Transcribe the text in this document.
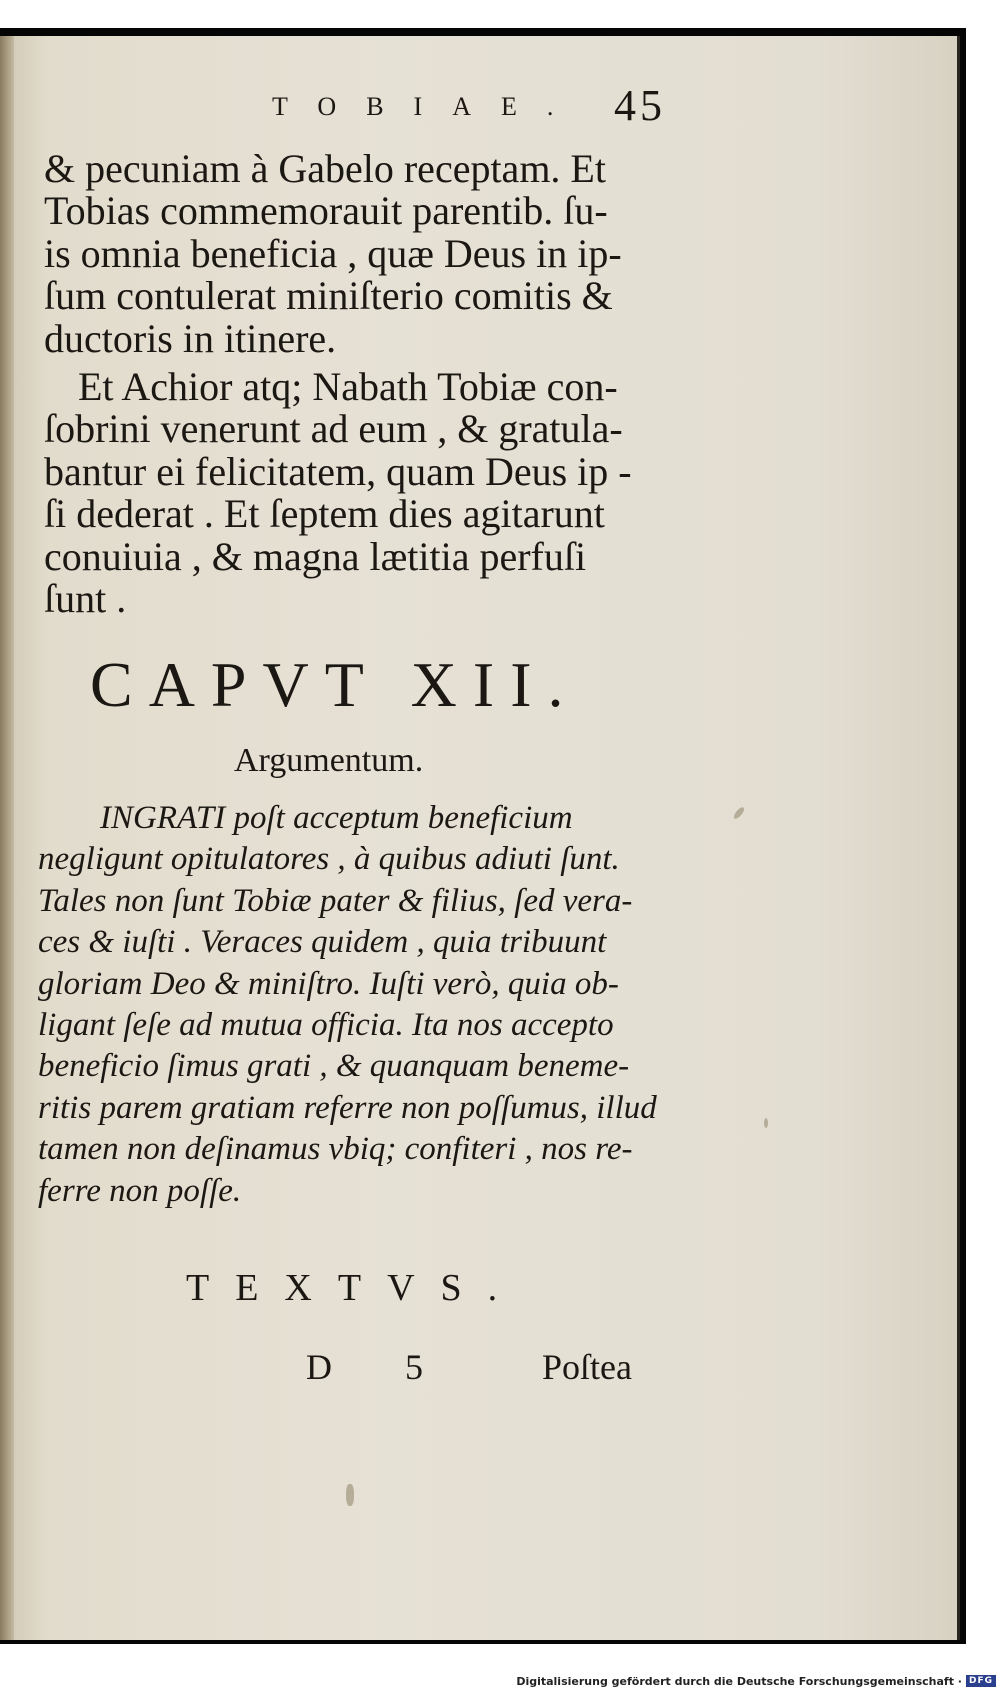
TOBIAE. 45
& pecuniam à Gabelo receptam. Et
Tobias commemorauit parentib. ſu-
is omnia beneficia , quæ Deus in ip-
ſum contulerat miniſterio comitis &
ductoris in itinere.
Et Achior atq; Nabath Tobiæ con-
ſobrini venerunt ad eum , & gratula-
bantur ei felicitatem, quam Deus ip -
ſi dederat . Et ſeptem dies agitarunt
conuiuia , & magna lætitia perfuſi
ſunt .
CAPVT XII.
Argumentum.
INGRATI poſt acceptum beneficium
negligunt opitulatores , à quibus adiuti ſunt.
Tales non ſunt Tobiæ pater & filius, ſed vera-
ces & iuſti . Veraces quidem , quia tribuunt
gloriam Deo & miniſtro. Iuſti verò, quia ob-
ligant ſeſe ad mutua officia. Ita nos accepto
beneficio ſimus grati , & quanquam beneme-
ritis parem gratiam referre non poſſumus, illud
tamen non deſinamus vbiq; confiteri , nos re-
ferre non poſſe.
TEXTVS.
D 5 Poſtea
Digitalisierung gefördert durch die Deutsche Forschungsgemeinschaft · DFG
